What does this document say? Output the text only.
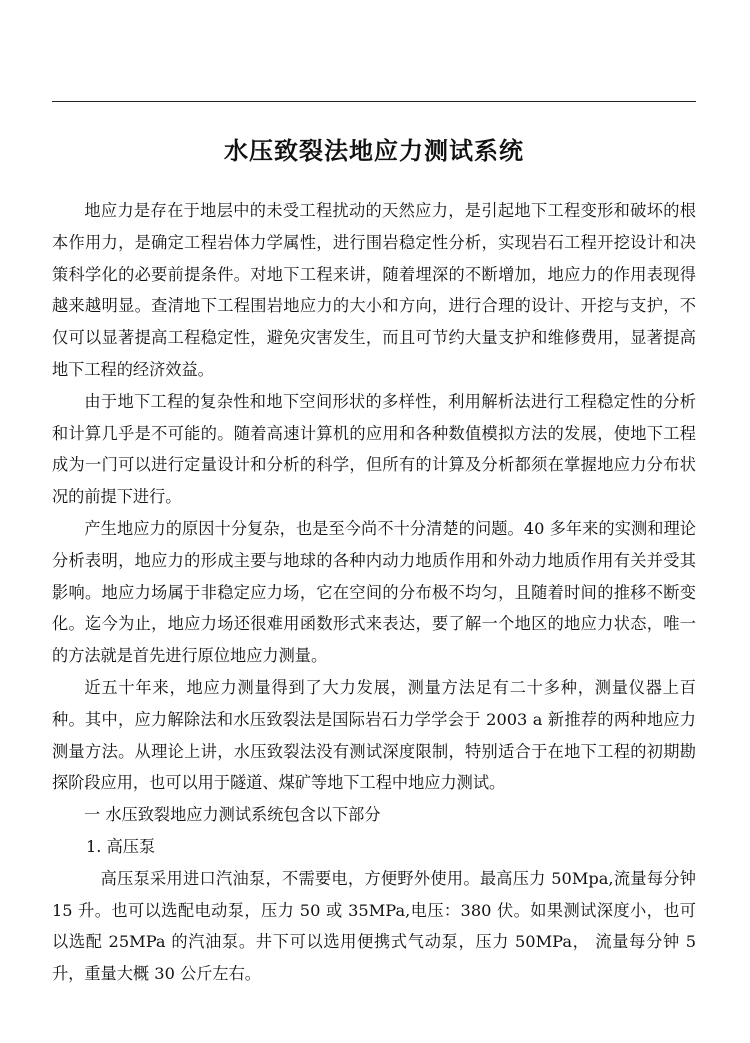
水压致裂法地应力测试系统

地应力是存在于地层中的未受工程扰动的天然应力，是引起地下工程变形和破坏的根本作用力，是确定工程岩体力学属性，进行围岩稳定性分析，实现岩石工程开挖设计和决策科学化的必要前提条件。对地下工程来讲，随着埋深的不断增加，地应力的作用表现得越来越明显。查清地下工程围岩地应力的大小和方向，进行合理的设计、开挖与支护，不仅可以显著提高工程稳定性，避免灾害发生，而且可节约大量支护和维修费用，显著提高地下工程的经济效益。

由于地下工程的复杂性和地下空间形状的多样性，利用解析法进行工程稳定性的分析和计算几乎是不可能的。随着高速计算机的应用和各种数值模拟方法的发展，使地下工程成为一门可以进行定量设计和分析的科学，但所有的计算及分析都须在掌握地应力分布状况的前提下进行。

产生地应力的原因十分复杂，也是至今尚不十分清楚的问题。40 多年来的实测和理论分析表明，地应力的形成主要与地球的各种内动力地质作用和外动力地质作用有关并受其影响。地应力场属于非稳定应力场，它在空间的分布极不均匀，且随着时间的推移不断变化。迄今为止，地应力场还很难用函数形式来表达，要了解一个地区的地应力状态，唯一的方法就是首先进行原位地应力测量。

近五十年来，地应力测量得到了大力发展，测量方法足有二十多种，测量仪器上百种。其中，应力解除法和水压致裂法是国际岩石力学学会于 2003 a 新推荐的两种地应力测量方法。从理论上讲，水压致裂法没有测试深度限制，特别适合于在地下工程的初期勘探阶段应用，也可以用于隧道、煤矿等地下工程中地应力测试。

一 水压致裂地应力测试系统包含以下部分

1. 高压泵

高压泵采用进口汽油泵，不需要电，方便野外使用。最高压力 50Mpa,流量每分钟 15 升。也可以选配电动泵，压力 50 或 35MPa,电压：380 伏。如果测试深度小，也可以选配 25MPa 的汽油泵。井下可以选用便携式气动泵，压力 50MPa， 流量每分钟 5 升，重量大概 30 公斤左右。
